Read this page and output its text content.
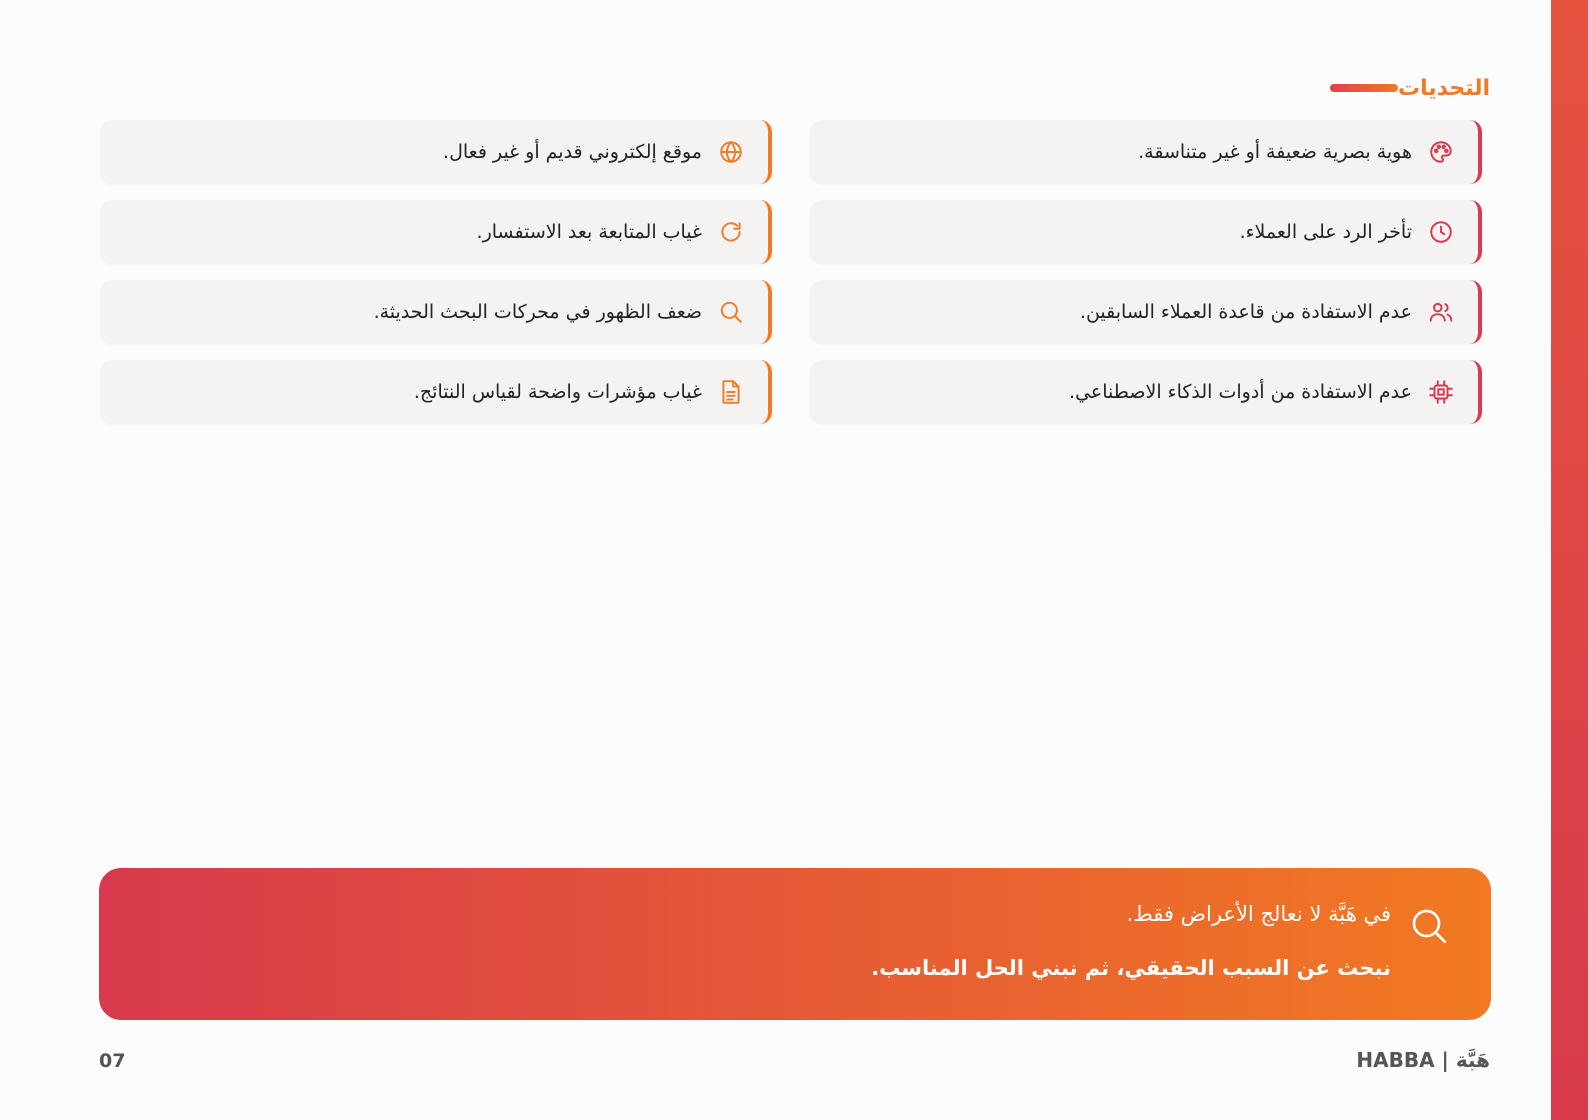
التحديات
هوية بصرية ضعيفة أو غير متناسقة.
تأخر الرد على العملاء.
عدم الاستفادة من قاعدة العملاء السابقين.
عدم الاستفادة من أدوات الذكاء الاصطناعي.
موقع إلكتروني قديم أو غير فعال.
غياب المتابعة بعد الاستفسار.
ضعف الظهور في محركات البحث الحديثة.
غياب مؤشرات واضحة لقياس النتائج.
في هَبَّة لا نعالج الأعراض فقط.
نبحث عن السبب الحقيقي، ثم نبني الحل المناسب.
07	HABBA | هَبَّة
